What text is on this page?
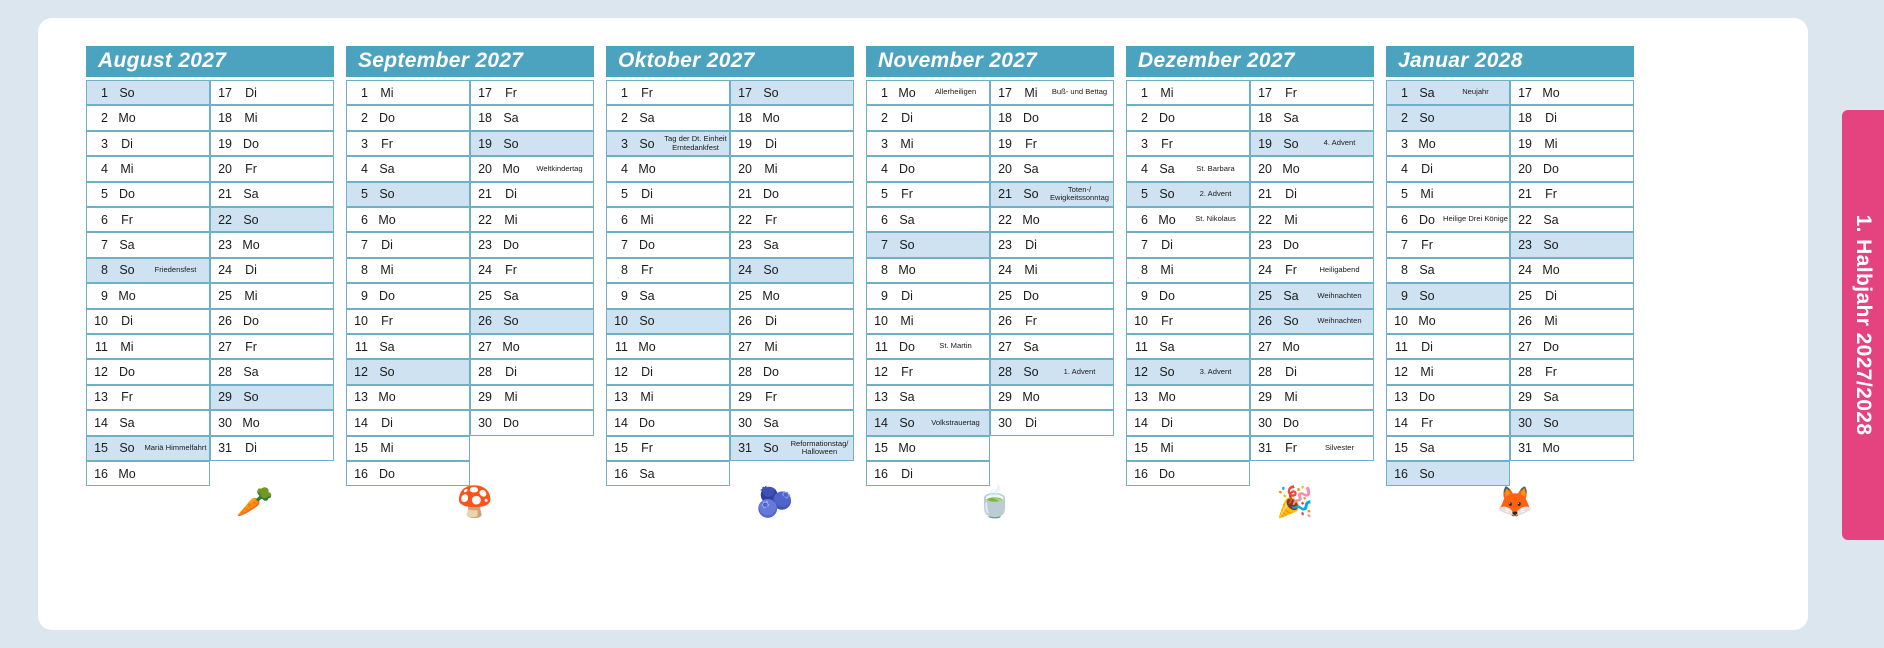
August 2027
1 So
2 Mo
3	Di
4 Mi
5 Do
6	Fr
7 Sa
8 So	Friedensfest
9 Mo
10	Di
11 Mi
12 Do
13	Fr
14 Sa
15 So	Mariä Himmelfahrt
16 Mo
17	Di
18 Mi
19 Do
20	Fr
21 Sa
22 So
23 Mo
24	Di
25 Mi
26 Do
27	Fr
28 Sa
29 So
30 Mo
31	Di
🥕
September 2027
1 Mi
2 Do
3	Fr
4 Sa
5 So
6 Mo
7	Di
8 Mi
9 Do
10	Fr
11 Sa
12 So
13 Mo
14	Di
15 Mi
16 Do
17	Fr
18 Sa
19 So
20 Mo	Weltkindertag
21	Di
22 Mi
23 Do
24	Fr
25 Sa
26 So
27 Mo
28	Di
29 Mi
30 Do
🍄
Oktober 2027
1	Fr
2 Sa
3 So	Tag der Dt. Einheit Erntedankfest
4 Mo
5	Di
6 Mi
7 Do
8	Fr
9 Sa
10 So
11 Mo
12	Di
13 Mi
14 Do
15	Fr
16 Sa
17 So
18 Mo
19	Di
20 Mi
21 Do
22	Fr
23 Sa
24 So
25 Mo
26	Di
27 Mi
28 Do
29	Fr
30 Sa
31 So	Reformationstag/ Halloween
🫐
November 2027
1 Mo	Allerheiligen
2	Di
3 Mi
4 Do
5	Fr
6 Sa
7 So
8 Mo
9	Di
10 Mi
11 Do	St. Martin
12	Fr
13 Sa
14 So	Volkstrauertag
15 Mo
16	Di
17 Mi	Buß- und Bettag
18 Do
19	Fr
20 Sa
21 So	Toten-/ Ewigkeitssonntag
22 Mo
23	Di
24 Mi
25 Do
26	Fr
27 Sa
28 So	1. Advent
29 Mo
30	Di
🍵
Dezember 2027
1 Mi
2 Do
3	Fr
4 Sa	St. Barbara
5 So	2. Advent
6 Mo	St. Nikolaus
7	Di
8 Mi
9 Do
10	Fr
11 Sa
12 So	3. Advent
13 Mo
14	Di
15 Mi
16 Do
17	Fr
18 Sa
19 So	4. Advent
20 Mo
21	Di
22 Mi
23 Do
24	Fr	Heiligabend
25 Sa	Weihnachten
26 So	Weihnachten
27 Mo
28	Di
29 Mi
30 Do
31	Fr	Silvester
🎉
Januar 2028
1 Sa	Neujahr
2 So
3 Mo
4	Di
5 Mi
6 Do	Heilige Drei Könige
7	Fr
8 Sa
9 So
10 Mo
11	Di
12 Mi
13 Do
14	Fr
15 Sa
16 So
17 Mo
18	Di
19 Mi
20 Do
21	Fr
22 Sa
23 So
24 Mo
25	Di
26 Mi
27 Do
28	Fr
29 Sa
30 So
31 Mo
🦊
1. Halbjahr 2027/2028
